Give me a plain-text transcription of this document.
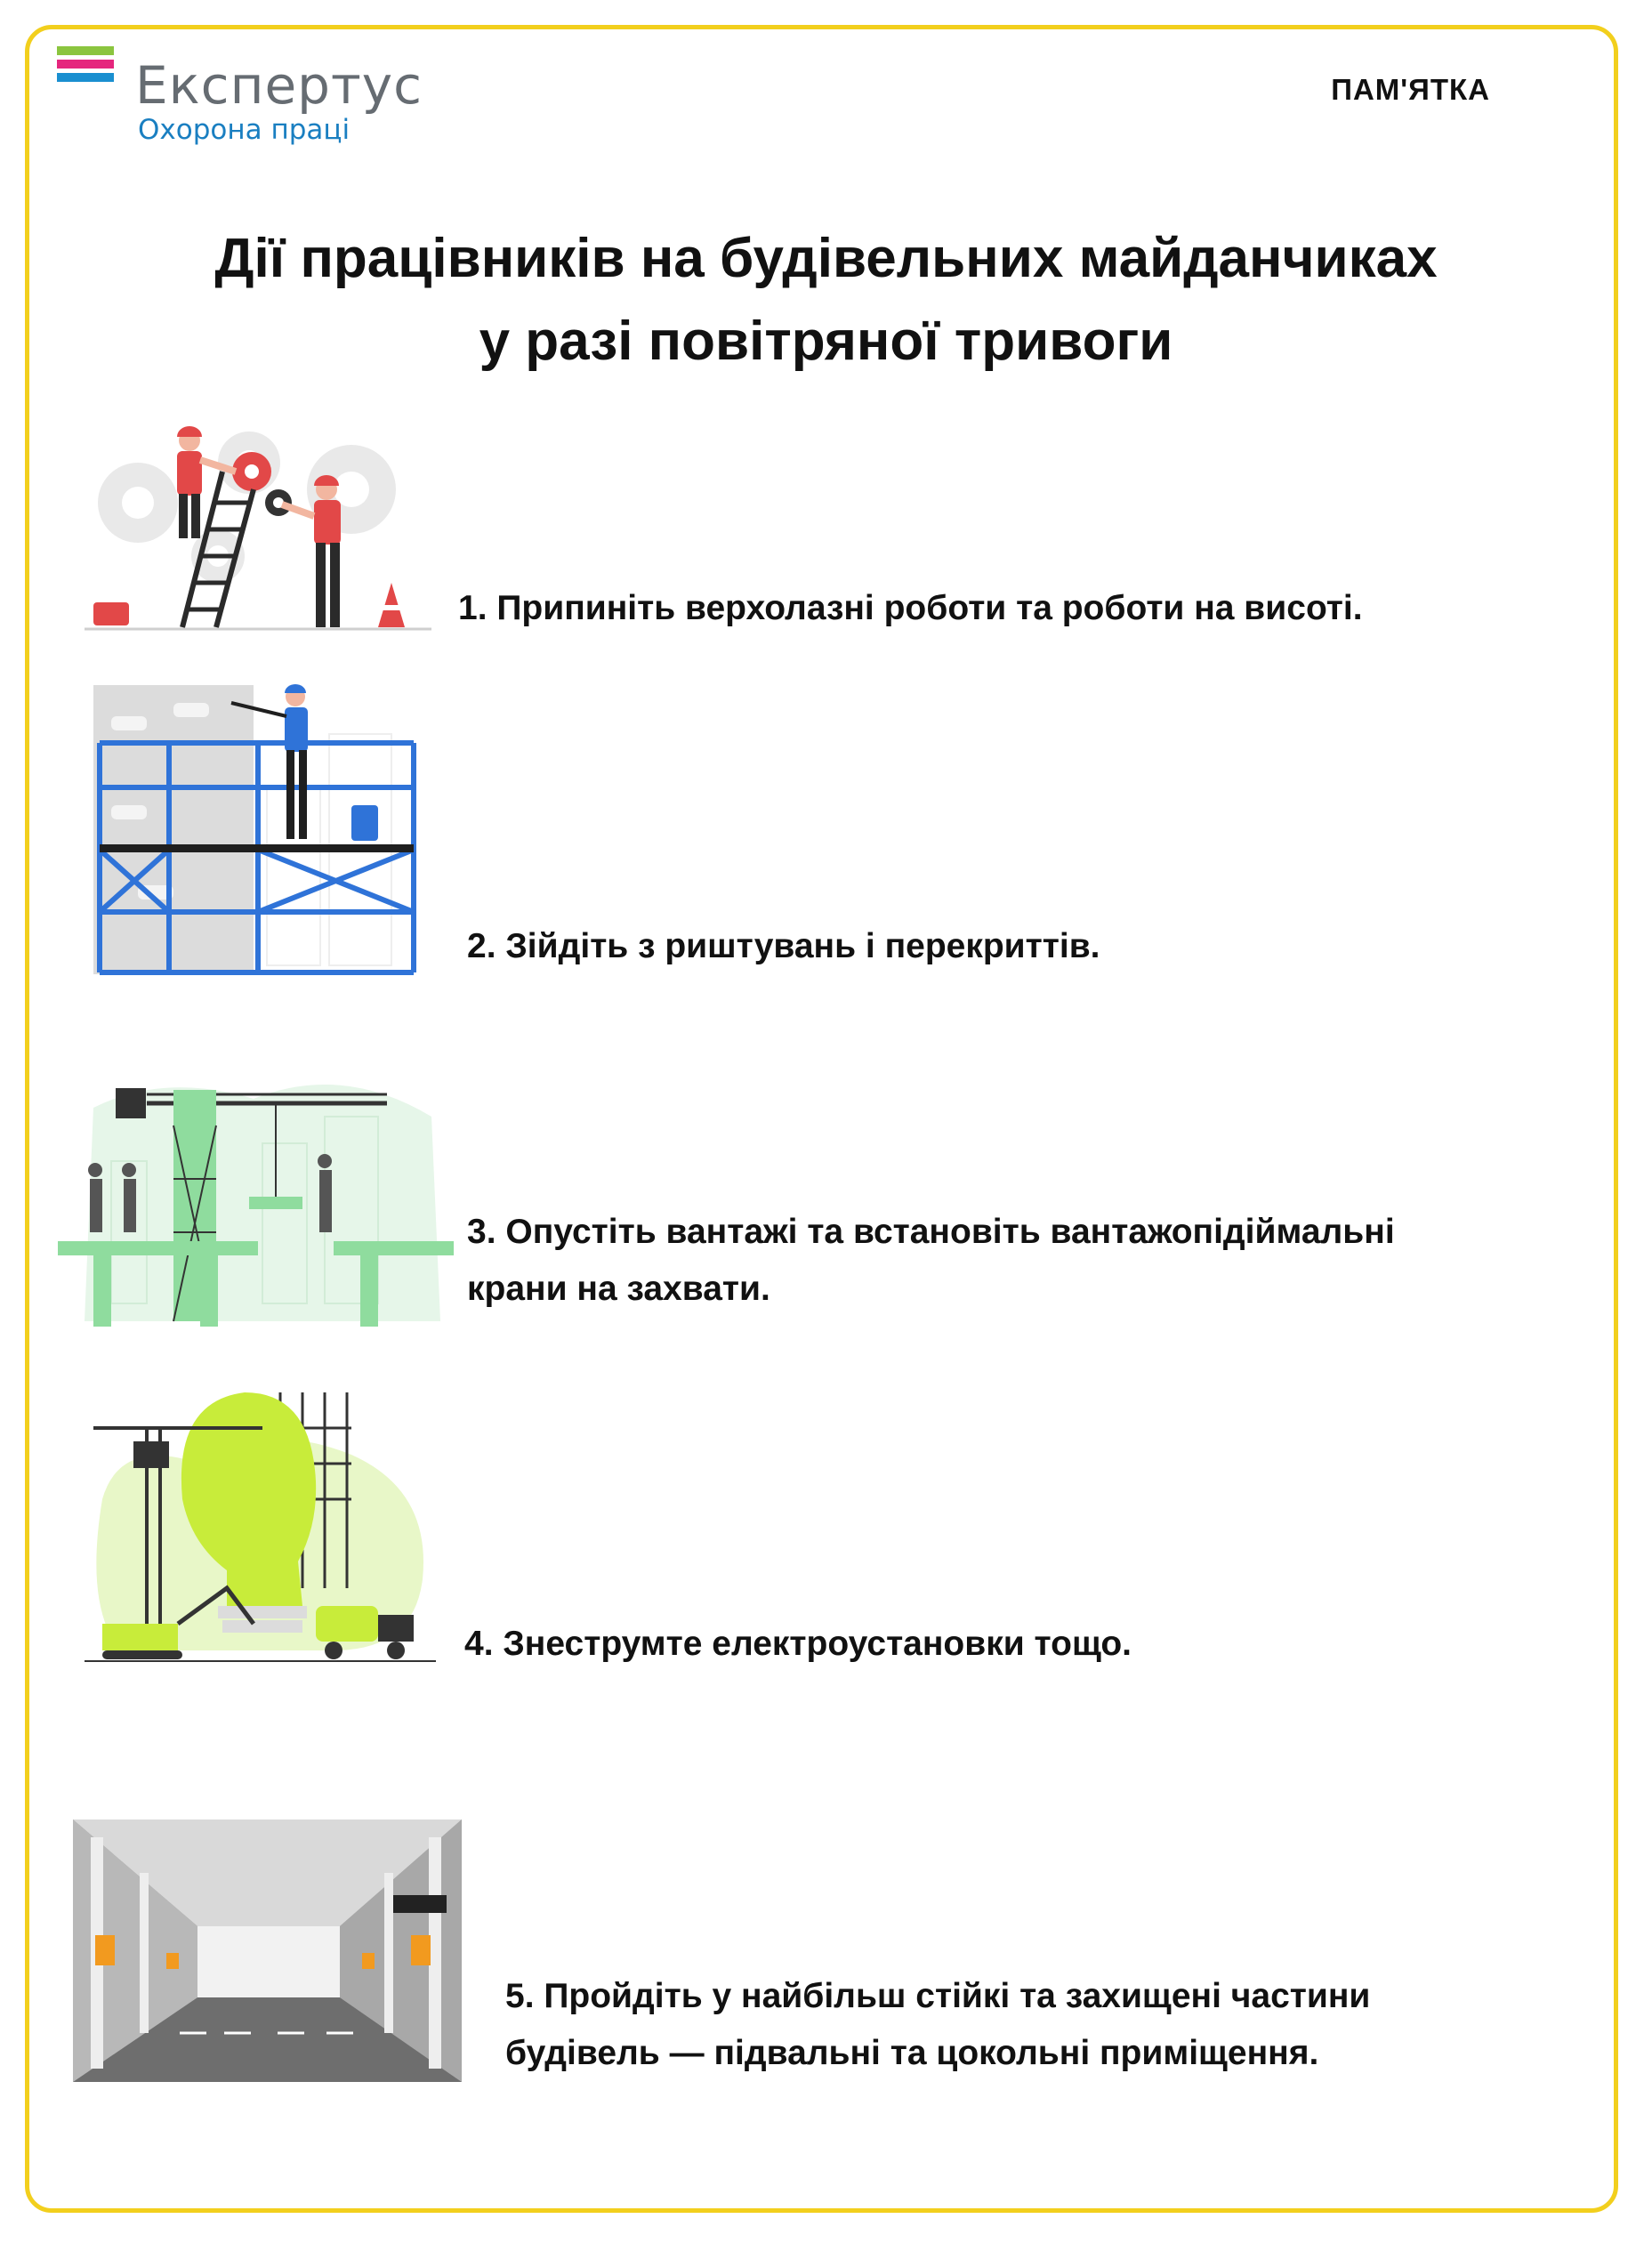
Експертус
Охорона праці
ПАМ'ЯТКА
Дії працівників на будівельних майданчиках
у разі повітряної тривоги
1. Припиніть верхолазні роботи та роботи на висоті.
2. Зійдіть з риштувань і перекриттів.
3. Опустіть вантажі та встановіть вантажопідіймальні
крани на захвати.
4. Знеструмте електроустановки тощо.
5. Пройдіть у найбільш стійкі та захищені частини
будівель — підвальні та цокольні приміщення.
